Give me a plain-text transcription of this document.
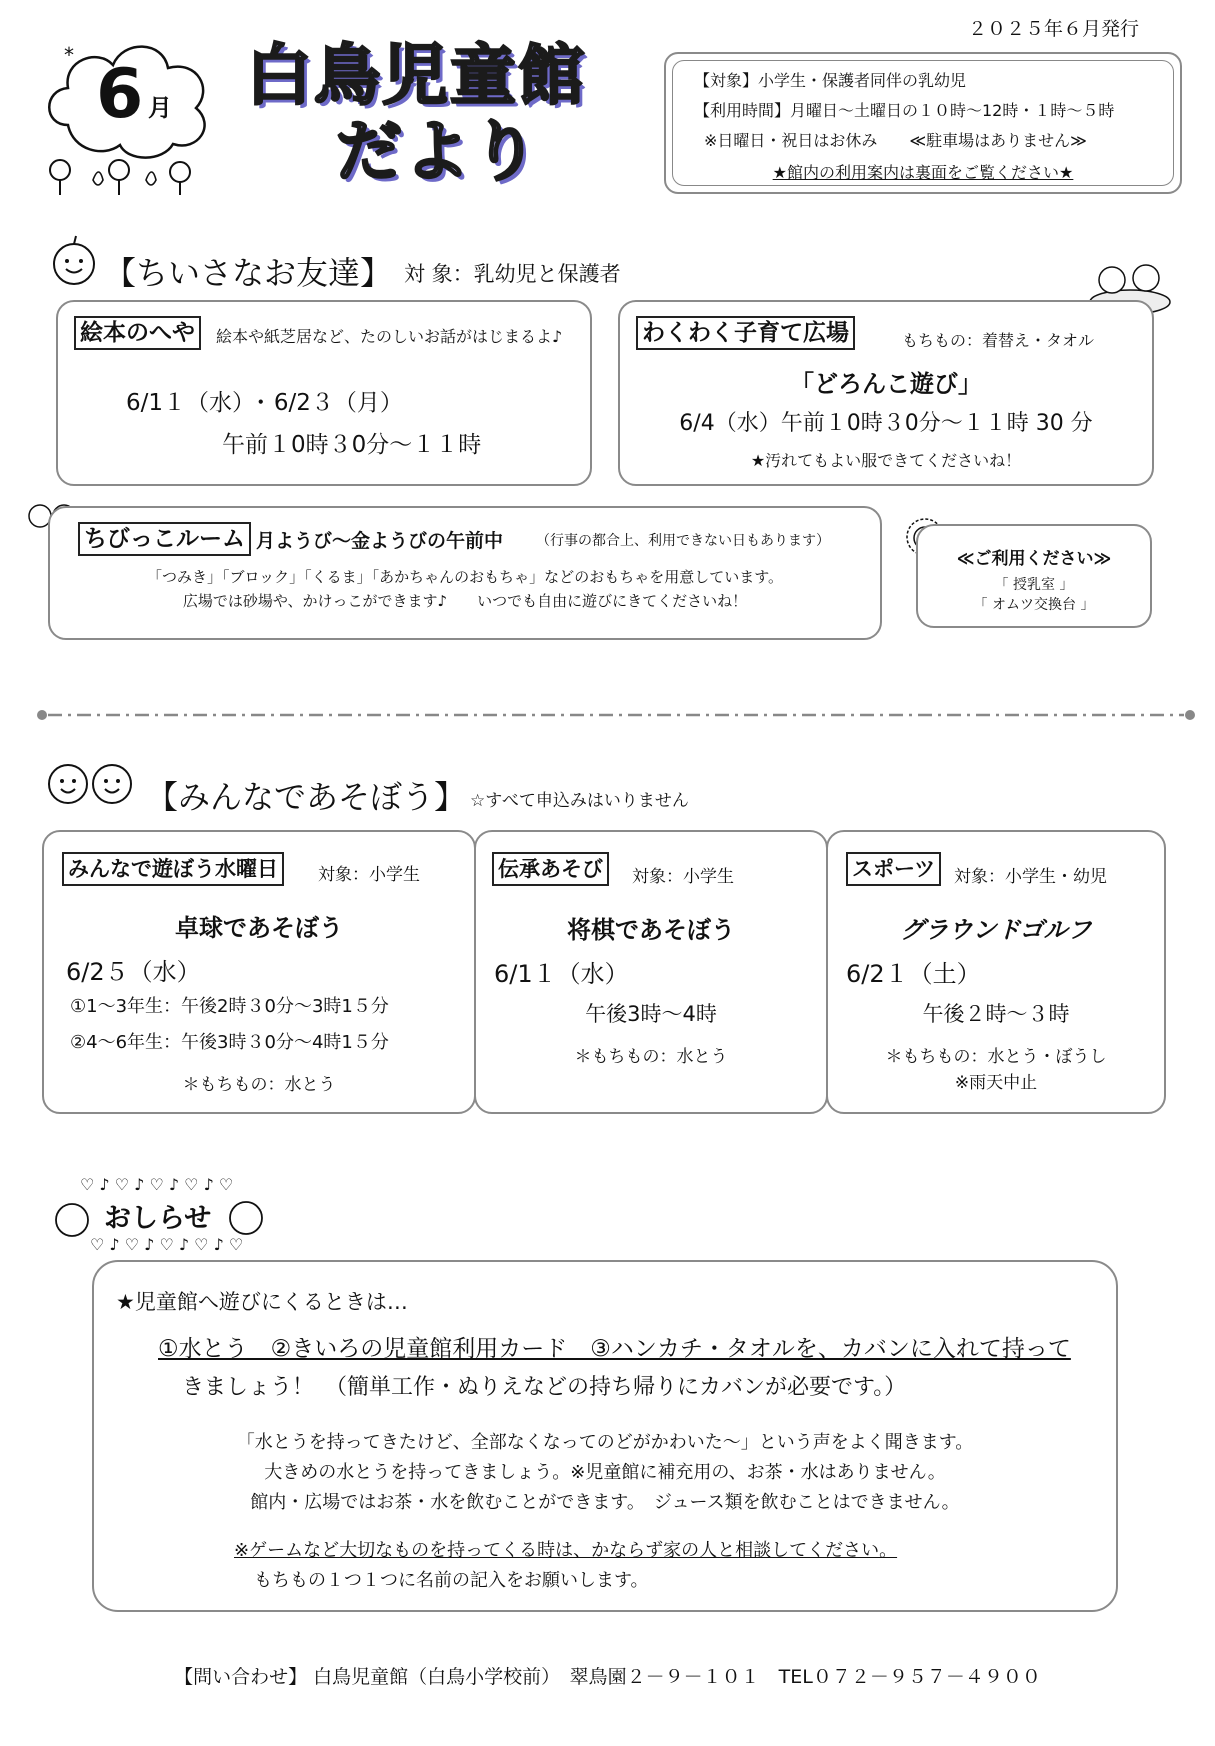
２０２５年６月発行
* 6 月 白鳥児童館
だより
【対象】小学生・保護者同伴の乳幼児
【利用時間】月曜日～土曜日の１０時～12時・１時～５時
※日曜日・祝日はお休み　　≪駐車場はありません≫
★館内の利用案内は裏面をご覧ください★
【ちいさなお友達】 対 象：乳幼児と保護者
絵本のへや	絵本や紙芝居など、たのしいお話がはじまるよ♪
6/1１（水）･ 6/2３（月）
午前１0時３0分～１１時
わくわく子育て広場	もちもの：着替え・タオル
「どろんこ遊び」
6/4（水）午前１0時３0分～１１時 30 分
★汚れてもよい服できてくださいね！
ちびっこルーム 月ようび～金ようびの午前中 （行事の都合上、利用できない日もあります）
「つみき」「ブロック」「くるま」「あかちゃんのおもちゃ」などのおもちゃを用意しています。
広場では砂場や、かけっこができます♪　　いつでも自由に遊びにきてくださいね！
≪ご利用ください≫
「 授乳室 」
「 オムツ交換台 」
【みんなであそぼう】 ☆すべて申込みはいりません
みんなで遊ぼう水曜日	対象：小学生
卓球であそぼう
6/2５（水）
①1～3年生：午後2時３0分～3時1５分
②4～6年生：午後3時３0分～4時1５分
＊もちもの：水とう
伝承あそび	対象：小学生
将棋であそぼう
6/1１（水）
午後3時～4時
＊もちもの：水とう
スポーツ	対象：小学生・幼児
グラウンドゴルフ
6/2１（土）
午後２時～３時
＊もちもの：水とう・ぼうし
※雨天中止
♡ ♪ ♡ ♪ ♡ ♪ ♡ ♪ ♡
♡ ♪ ♡ ♪ ♡ ♪ ♡ ♪ ♡
おしらせ
★児童館へ遊びにくるときは…
①水とう　②きいろの児童館利用カード　③ハンカチ・タオルを、カバンに入れて持って
きましょう！　（簡単工作・ぬりえなどの持ち帰りにカバンが必要です。）
「水とうを持ってきたけど、全部なくなってのどがかわいた～」という声をよく聞きます。
大きめの水とうを持ってきましょう。※児童館に補充用の、お茶・水はありません。
館内・広場ではお茶・水を飲むことができます。　ジュース類を飲むことはできません。
※ゲームなど大切なものを持ってくる時は、かならず家の人と相談してください。
もちもの１つ１つに名前の記入をお願いします。
【問い合わせ】 白鳥児童館（白鳥小学校前）　翠鳥園２－９－１０１　TEL０７２－９５７－４９００
